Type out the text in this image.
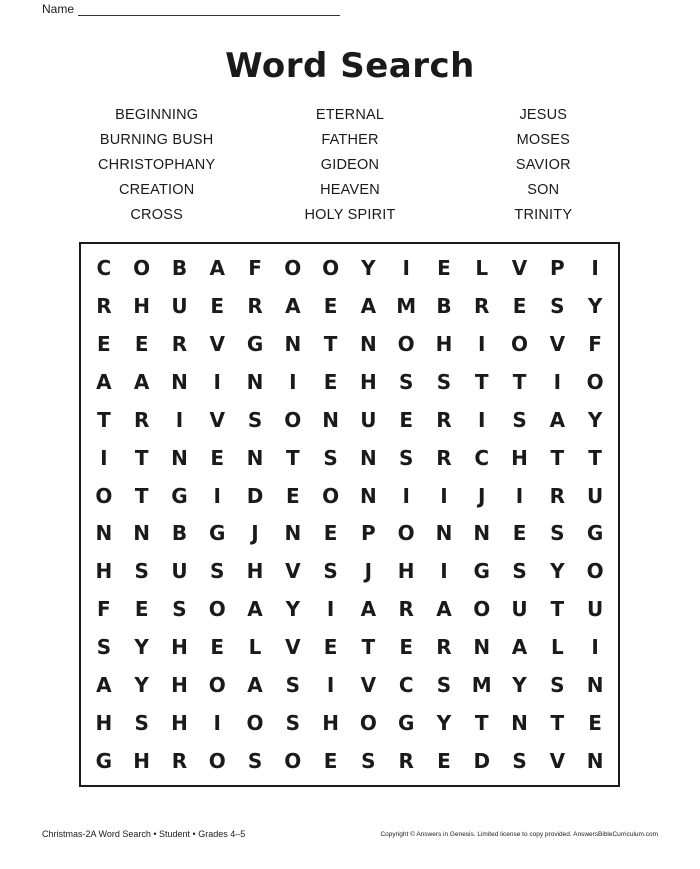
Name
Word Search
BEGINNING
BURNING BUSH
CHRISTOPHANY
CREATION
CROSS
ETERNAL
FATHER
GIDEON
HEAVEN
HOLY SPIRIT
JESUS
MOSES
SAVIOR
SON
TRINITY
C	O	B	A	F	O	O	Y	I	E	L	V	P	I
R	H	U	E	R	A	E	A	M	B	R	E	S	Y
E	E	R	V	G	N	T	N	O	H	I	O	V	F
A	A	N	I	N	I	E	H	S	S	T	T	I	O
T	R	I	V	S	O	N	U	E	R	I	S	A	Y
I	T	N	E	N	T	S	N	S	R	C	H	T	T
O	T	G	I	D	E	O	N	I	I	J	I	R	U
N	N	B	G	J	N	E	P	O	N	N	E	S	G
H	S	U	S	H	V	S	J	H	I	G	S	Y	O
F	E	S	O	A	Y	I	A	R	A	O	U	T	U
S	Y	H	E	L	V	E	T	E	R	N	A	L	I
A	Y	H	O	A	S	I	V	C	S	M	Y	S	N
H	S	H	I	O	S	H	O	G	Y	T	N	T	E
G	H	R	O	S	O	E	S	R	E	D	S	V	N
Christmas-2A Word Search • Student • Grades 4–5	Copyright © Answers in Genesis. Limited license to copy provided. AnswersBibleCurriculum.com
